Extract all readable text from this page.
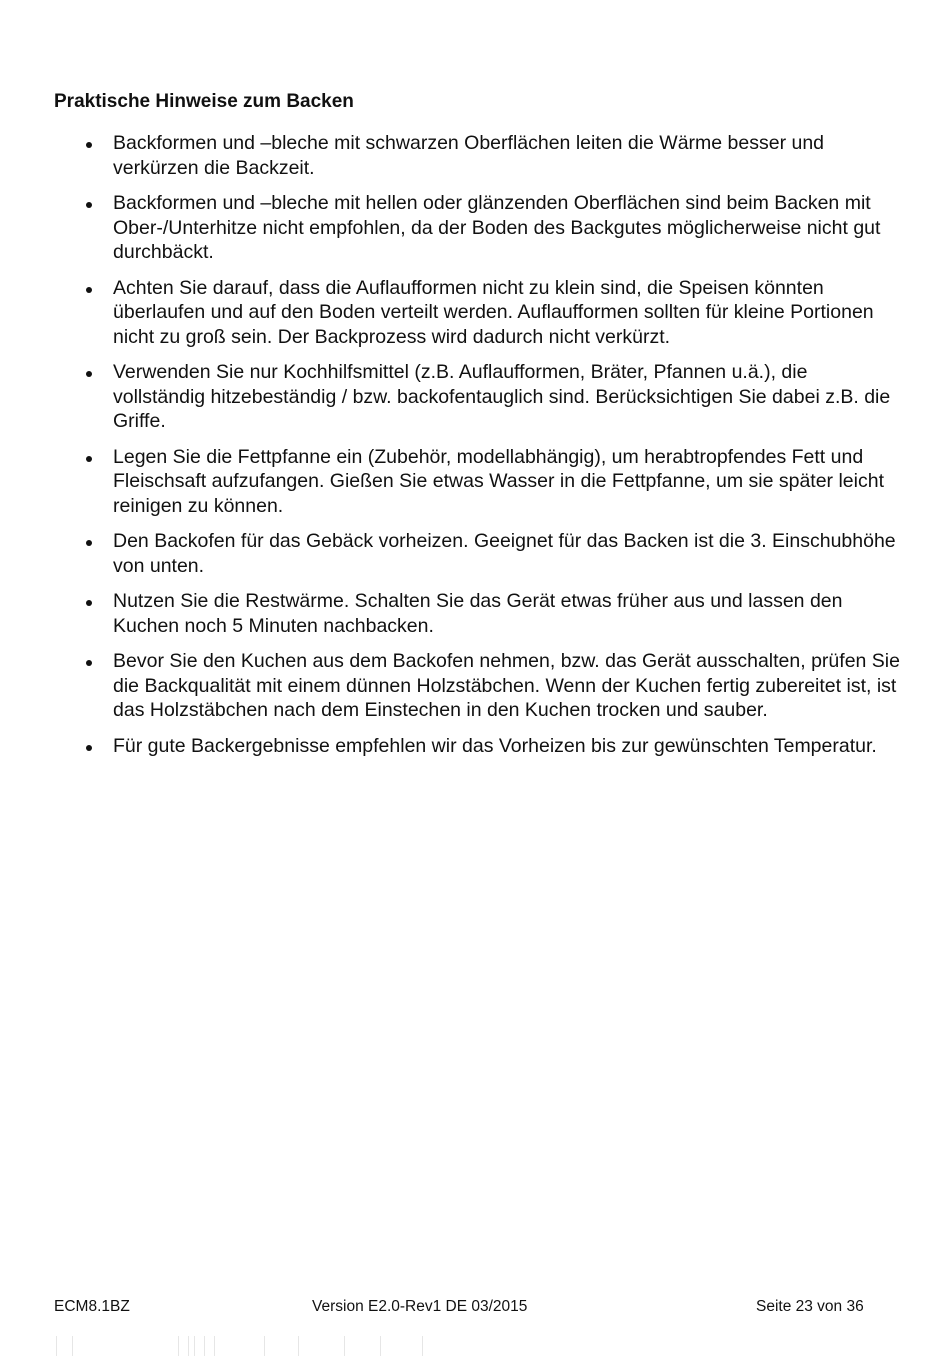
Praktische Hinweise zum Backen
Backformen und –bleche mit schwarzen Oberflächen leiten die Wärme besser und verkürzen die Backzeit.
Backformen und –bleche mit hellen oder glänzenden Oberflächen sind beim Backen mit Ober-/Unterhitze nicht empfohlen, da der Boden des Backgutes möglicherweise nicht gut durchbäckt.
Achten Sie darauf, dass die Auflaufformen nicht zu klein sind, die Speisen könnten überlaufen und auf den Boden verteilt werden. Auflaufformen sollten für kleine Portionen nicht zu groß sein. Der Backprozess wird dadurch nicht verkürzt.
Verwenden Sie nur Kochhilfsmittel (z.B. Auflaufformen, Bräter, Pfannen u.ä.), die vollständig hitzebeständig / bzw. backofentauglich sind. Berücksichtigen Sie dabei z.B. die Griffe.
Legen Sie die Fettpfanne ein (Zubehör, modellabhängig), um herabtropfendes Fett und Fleischsaft aufzufangen. Gießen Sie etwas Wasser in die Fettpfanne, um sie später leicht reinigen zu können.
Den Backofen für das Gebäck vorheizen. Geeignet für das Backen ist die 3. Einschubhöhe von unten.
Nutzen Sie die Restwärme. Schalten Sie das Gerät etwas früher aus und lassen den Kuchen noch 5 Minuten nachbacken.
Bevor Sie den Kuchen aus dem Backofen nehmen, bzw. das Gerät ausschalten, prüfen Sie die Backqualität mit einem dünnen Holzstäbchen. Wenn der Kuchen fertig zubereitet ist, ist das Holzstäbchen nach dem Einstechen in den Kuchen trocken und sauber.
Für gute Backergebnisse empfehlen wir das Vorheizen bis zur gewünschten Temperatur.
ECM8.1BZ	Version E2.0-Rev1 DE 03/2015	Seite 23 von 36
